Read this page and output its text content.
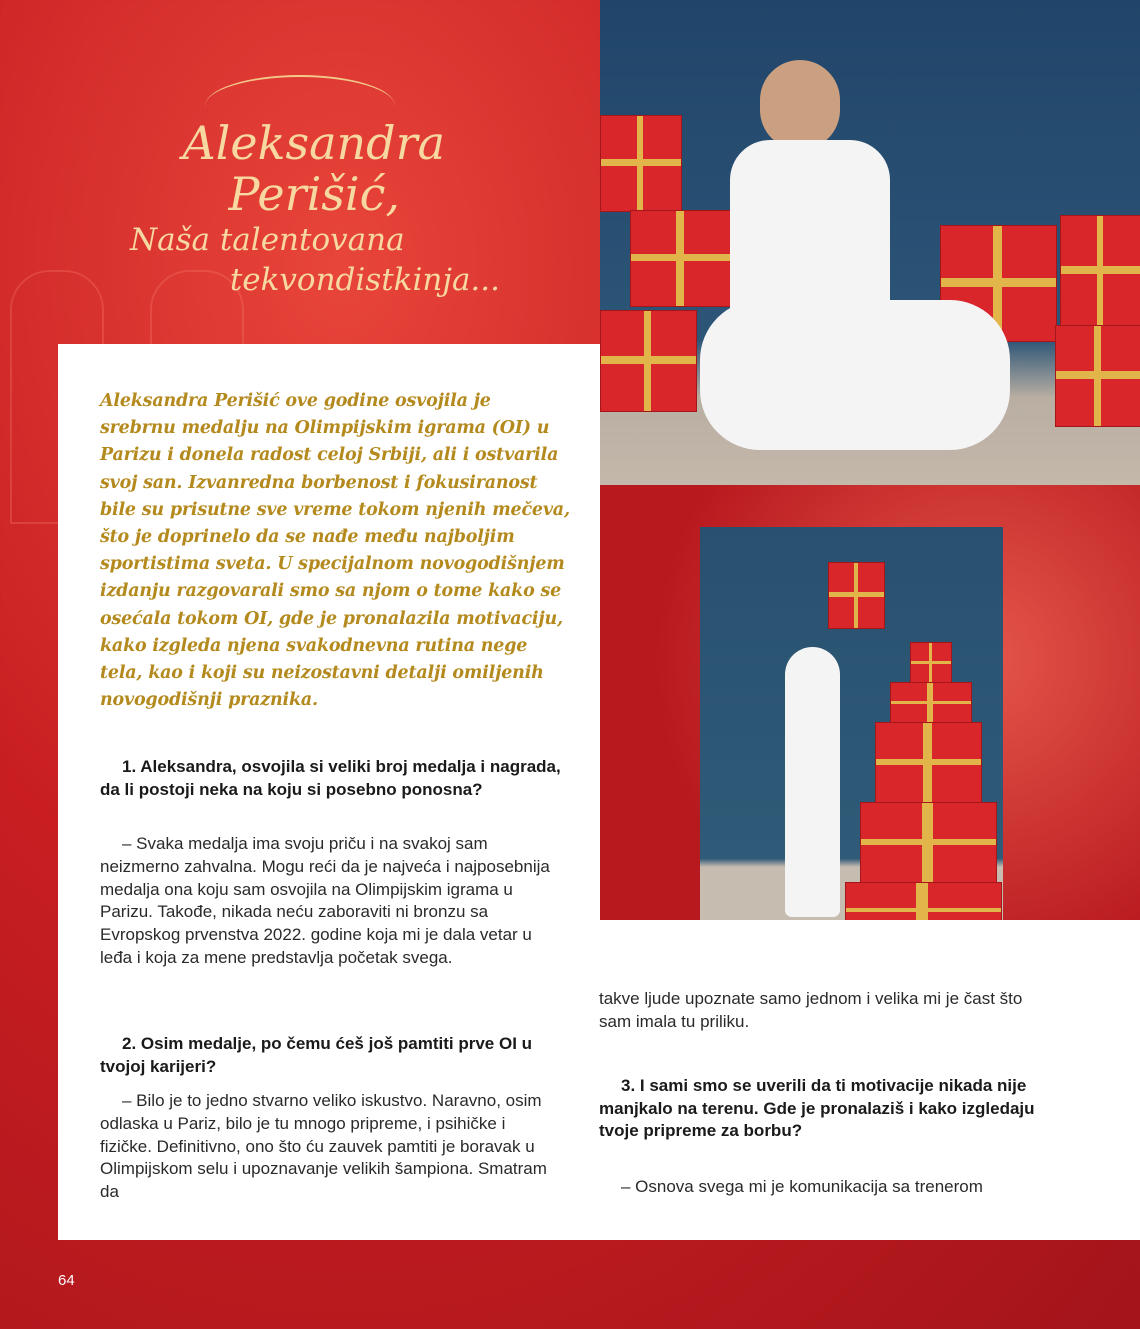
Aleksandra
Perišić,
Naša talentovana
tekvondistkinja...

Aleksandra Perišić ove godine osvojila je srebrnu medalju na Olimpijskim igrama (OI) u Parizu i donela radost celoj Srbiji, ali i ostvarila svoj san. Izvanredna borbenost i fokusiranost bile su prisutne sve vreme tokom njenih mečeva, što je doprinelo da se nađe među najboljim sportistima sveta. U specijalnom novogodišnjem izdanju razgovarali smo sa njom o tome kako se osećala tokom OI, gde je pronalazila motivaciju, kako izgleda njena svakodnevna rutina nege tela, kao i koji su neizostavni detalji omiljenih novogodišnji praznika.

1. Aleksandra, osvojila si veliki broj medalja i nagrada, da li postoji neka na koju si posebno ponosna?

– Svaka medalja ima svoju priču i na svakoj sam neizmerno zahvalna. Mogu reći da je najveća i najposebnija medalja ona koju sam osvojila na Olimpijskim igrama u Parizu. Takođe, nikada neću zaboraviti ni bronzu sa Evropskog prvenstva 2022. godine koja mi je dala vetar u leđa i koja za mene predstavlja početak svega.

2. Osim medalje, po čemu ćeš još pamtiti prve OI u tvojoj karijeri?

– Bilo je to jedno stvarno veliko iskustvo. Naravno, osim odlaska u Pariz, bilo je tu mnogo pripreme, i psihičke i fizičke. Definitivno, ono što ću zauvek pamtiti je boravak u Olimpijskom selu i upoznavanje velikih šampiona. Smatram da

takve ljude upoznate samo jednom i velika mi je čast što sam imala tu priliku.

3. I sami smo se uverili da ti motivacije nikada nije manjkalo na terenu. Gde je pronalaziš i kako izgledaju tvoje pripreme za borbu?

– Osnova svega mi je komunikacija sa trenerom

64
